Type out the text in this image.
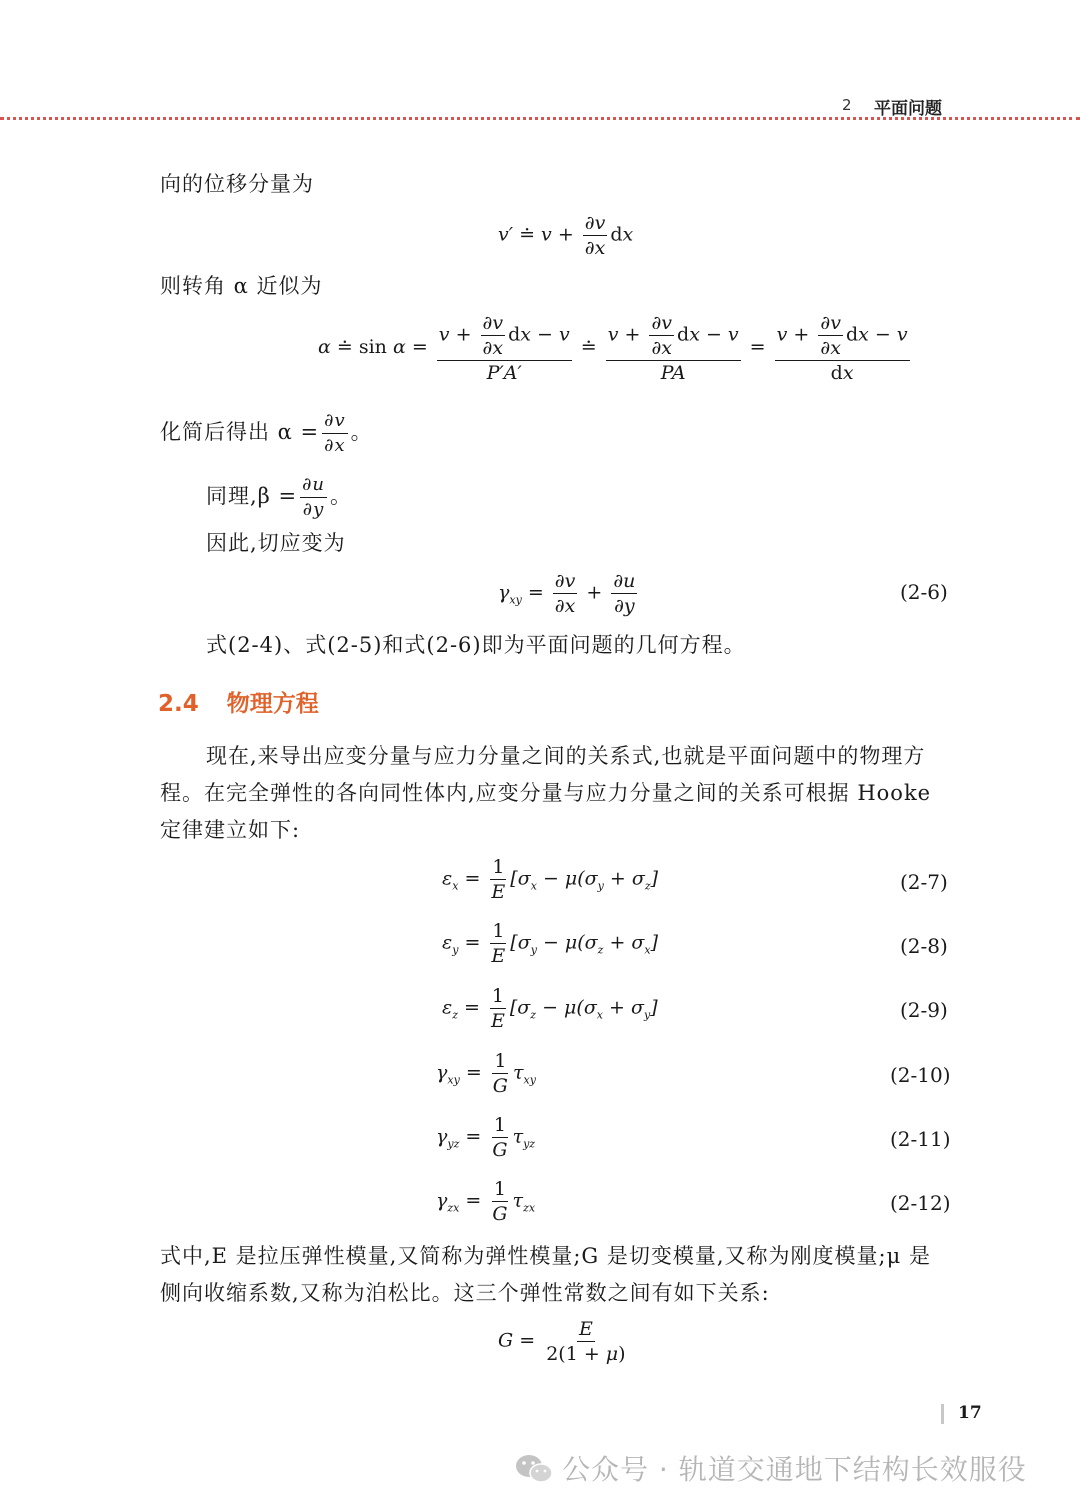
2 平面问题
向的位移分量为
v′ ≐ $v + \frac{\partial v}{\partial x}$ dx
则转角 α 近似为
α ≐ $\sin \alpha = \frac{v + \frac{\partial v}{\partial x} dx - v}{P'A'}$ ≐ $\frac{v + \frac{\partial v}{\partial x} dx - v}{PA} = \frac{v + \frac{\partial v}{\partial x} dx - v}{dx}$
化简后得出 $\alpha = \frac{\partial v}{\partial x}$ 。
同理$,\beta = \frac{\partial u}{\partial y}$ 。
因此,切应变为
$\gamma_{xy} = \frac{\partial v}{\partial x} + \frac{\partial u}{\partial y}$	(2-6)
式(2-4)、式(2-5)和式(2-6)即为平面问题的几何方程。
2.4 物理方程
现在,来导出应变分量与应力分量之间的关系式,也就是平面问题中的物理方
程。在完全弹性的各向同性体内,应变分量与应力分量之间的关系可根据 Hooke
定律建立如下:
$\varepsilon_x = \frac{1}{E} [\sigma_x - \mu(\sigma_y + \sigma_z]$	(2-7)
$\varepsilon_y = \frac{1}{E} [\sigma_y - \mu(\sigma_z + \sigma_x]$	(2-8)
$\varepsilon_z = \frac{1}{E} [\sigma_z - \mu(\sigma_x + \sigma_y]$	(2-9)
$\gamma_{xy} = \frac{1}{G} \tau_{xy}$	(2-10)
$\gamma_{yz} = \frac{1}{G} \tau_{yz}$	(2-11)
$\gamma_{zx} = \frac{1}{G} \tau_{zx}$	(2-12)
式中,E 是拉压弹性模量,又简称为弹性模量;G 是切变模量,又称为刚度模量;μ 是
侧向收缩系数,又称为泊松比。这三个弹性常数之间有如下关系:
$G = \frac{E}{2(1 + \mu)}$
17
公众号 · 轨道交通地下结构长效服役
